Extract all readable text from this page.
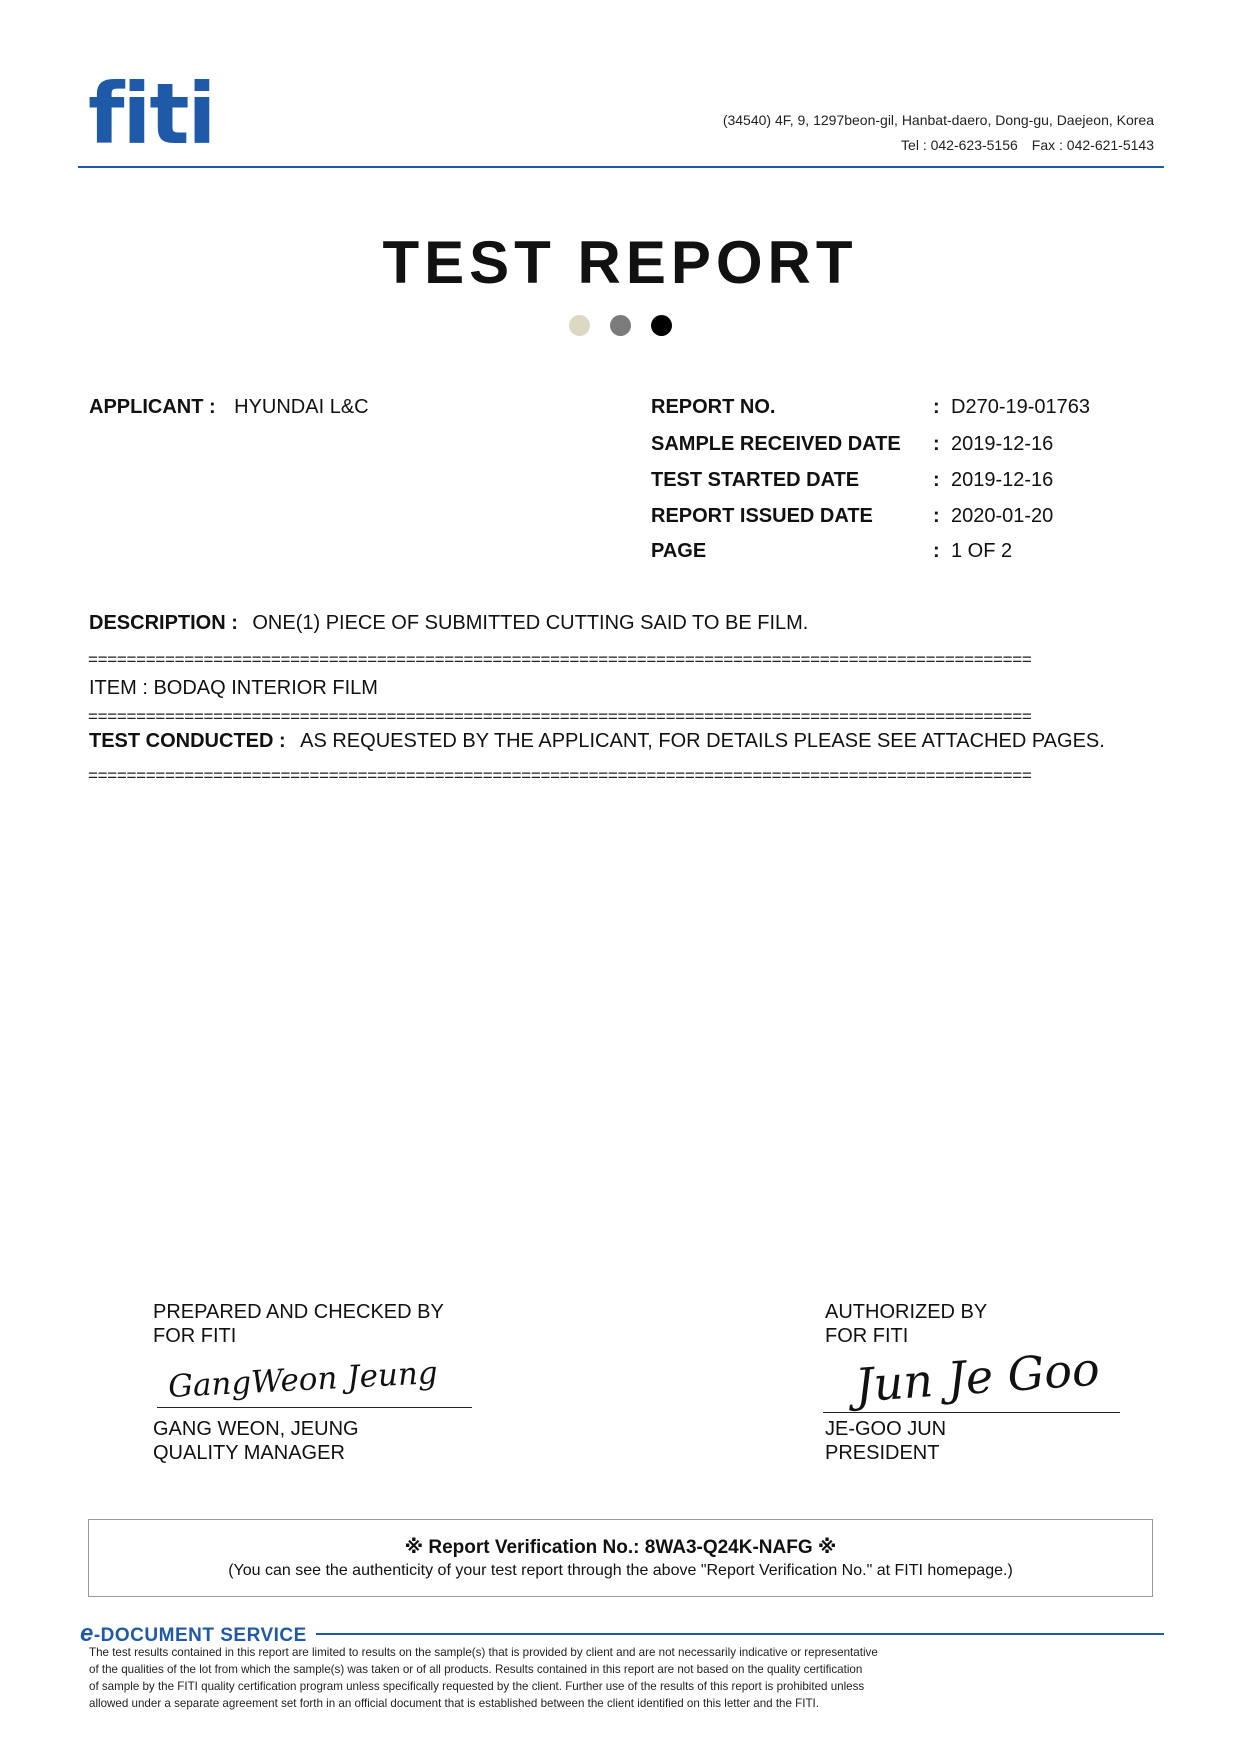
fiti	(34540) 4F, 9, 1297beon-gil, Hanbat-daero, Dong-gu, Daejeon, Korea
Tel : 042-623-5156 Fax : 042-621-5143
TEST REPORT
APPLICANT : HYUNDAI L&C	REPORT NO.	: D270-19-01763
SAMPLE RECEIVED DATE : 2019-12-16
TEST STARTED DATE	: 2019-12-16
REPORT ISSUED DATE	: 2020-01-20
PAGE	: 1 OF 2
DESCRIPTION : ONE(1) PIECE OF SUBMITTED CUTTING SAID TO BE FILM.
==================================================================================================
ITEM : BODAQ INTERIOR FILM
==================================================================================================
TEST CONDUCTED : AS REQUESTED BY THE APPLICANT, FOR DETAILS PLEASE SEE ATTACHED PAGES.
==================================================================================================
PREPARED AND CHECKED BY
FOR FITI
GangWeon Jeung
GANG WEON, JEUNG
QUALITY MANAGER
AUTHORIZED BY
FOR FITI
Jun Je Goo
JE-GOO JUN
PRESIDENT
※ Report Verification No.: 8WA3-Q24K-NAFG ※
(You can see the authenticity of your test report through the above "Report Verification No." at FITI homepage.)
e-DOCUMENT SERVICE
The test results contained in this report are limited to results on the sample(s) that is provided by client and are not necessarily indicative or representative
of the qualities of the lot from which the sample(s) was taken or of all products. Results contained in this report are not based on the quality certification
of sample by the FITI quality certification program unless specifically requested by the client. Further use of the results of this report is prohibited unless
allowed under a separate agreement set forth in an official document that is established between the client identified on this letter and the FITI.
